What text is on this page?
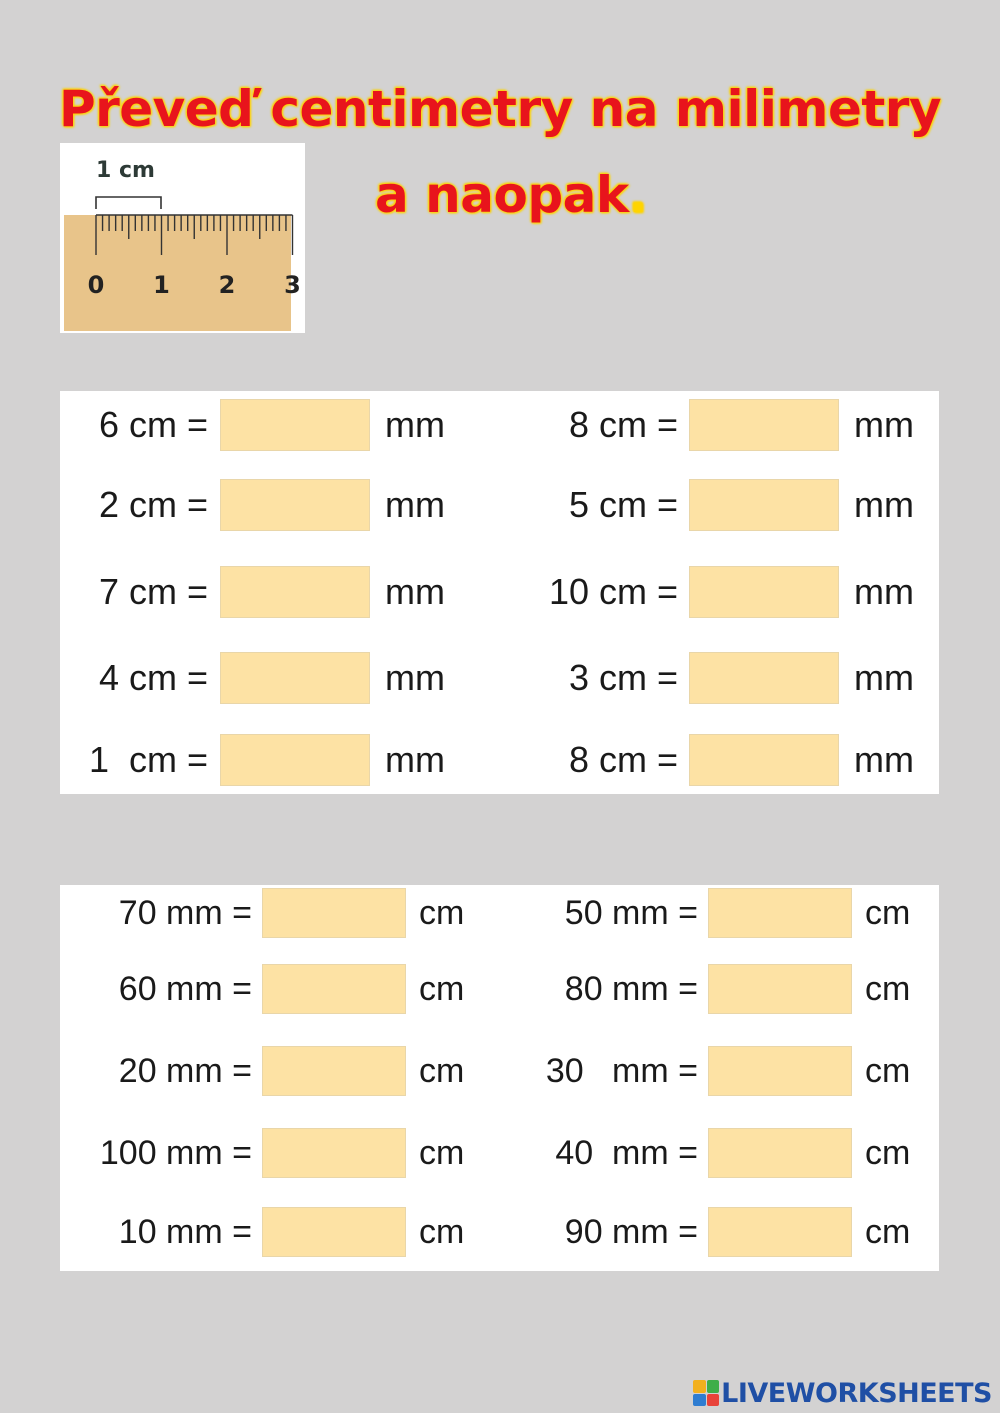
Převeď centimetry na milimetry
a naopak.
1 cm
0 1 2 3
6 cm =	mm	8 cm =	mm
2 cm =	mm	5 cm =	mm
7 cm =	mm	10 cm =	mm
4 cm =	mm	3 cm =	mm
1  cm =	mm	8 cm =	mm
70 mm =	cm	50 mm =	cm
60 mm =	cm	80 mm =	cm
20 mm =	cm	30   mm =	cm
100 mm =	cm	40  mm =	cm
10 mm =	cm	90 mm =	cm
LIVEWORKSHEETS
